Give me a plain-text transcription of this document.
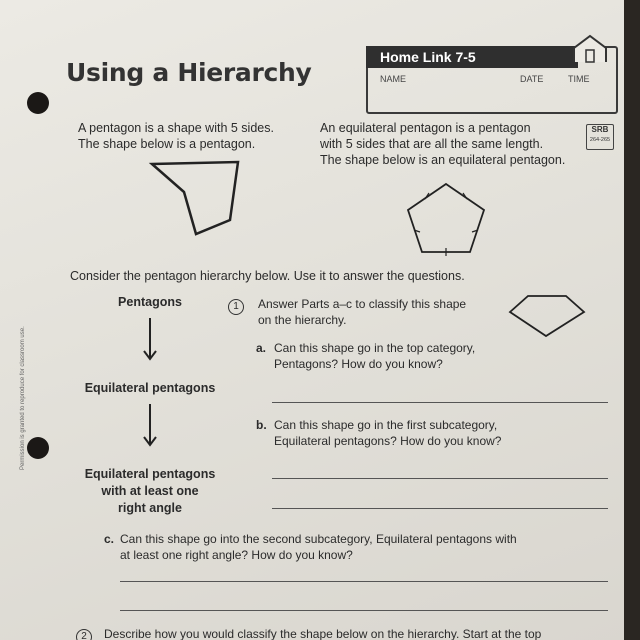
Using a Hierarchy
Home Link 7-5
NAME	DATE	TIME
A pentagon is a shape with 5 sides.
The shape below is a pentagon.
An equilateral pentagon is a pentagon
with 5 sides that are all the same length.
The shape below is an equilateral pentagon.
SRB
264-265
Consider the pentagon hierarchy below. Use it to answer the questions.
Pentagons
Equilateral pentagons
Equilateral pentagons
with at least one
right angle
1	Answer Parts a–c to classify this shape
on the hierarchy.
a. Can this shape go in the top category,
Pentagons? How do you know?
b. Can this shape go in the first subcategory,
Equilateral pentagons? How do you know?
c. Can this shape go into the second subcategory, Equilateral pentagons with
at least one right angle? How do you know?
2	Describe how you would classify the shape below on the hierarchy. Start at the top
Permission is granted to reproduce for classroom use.
